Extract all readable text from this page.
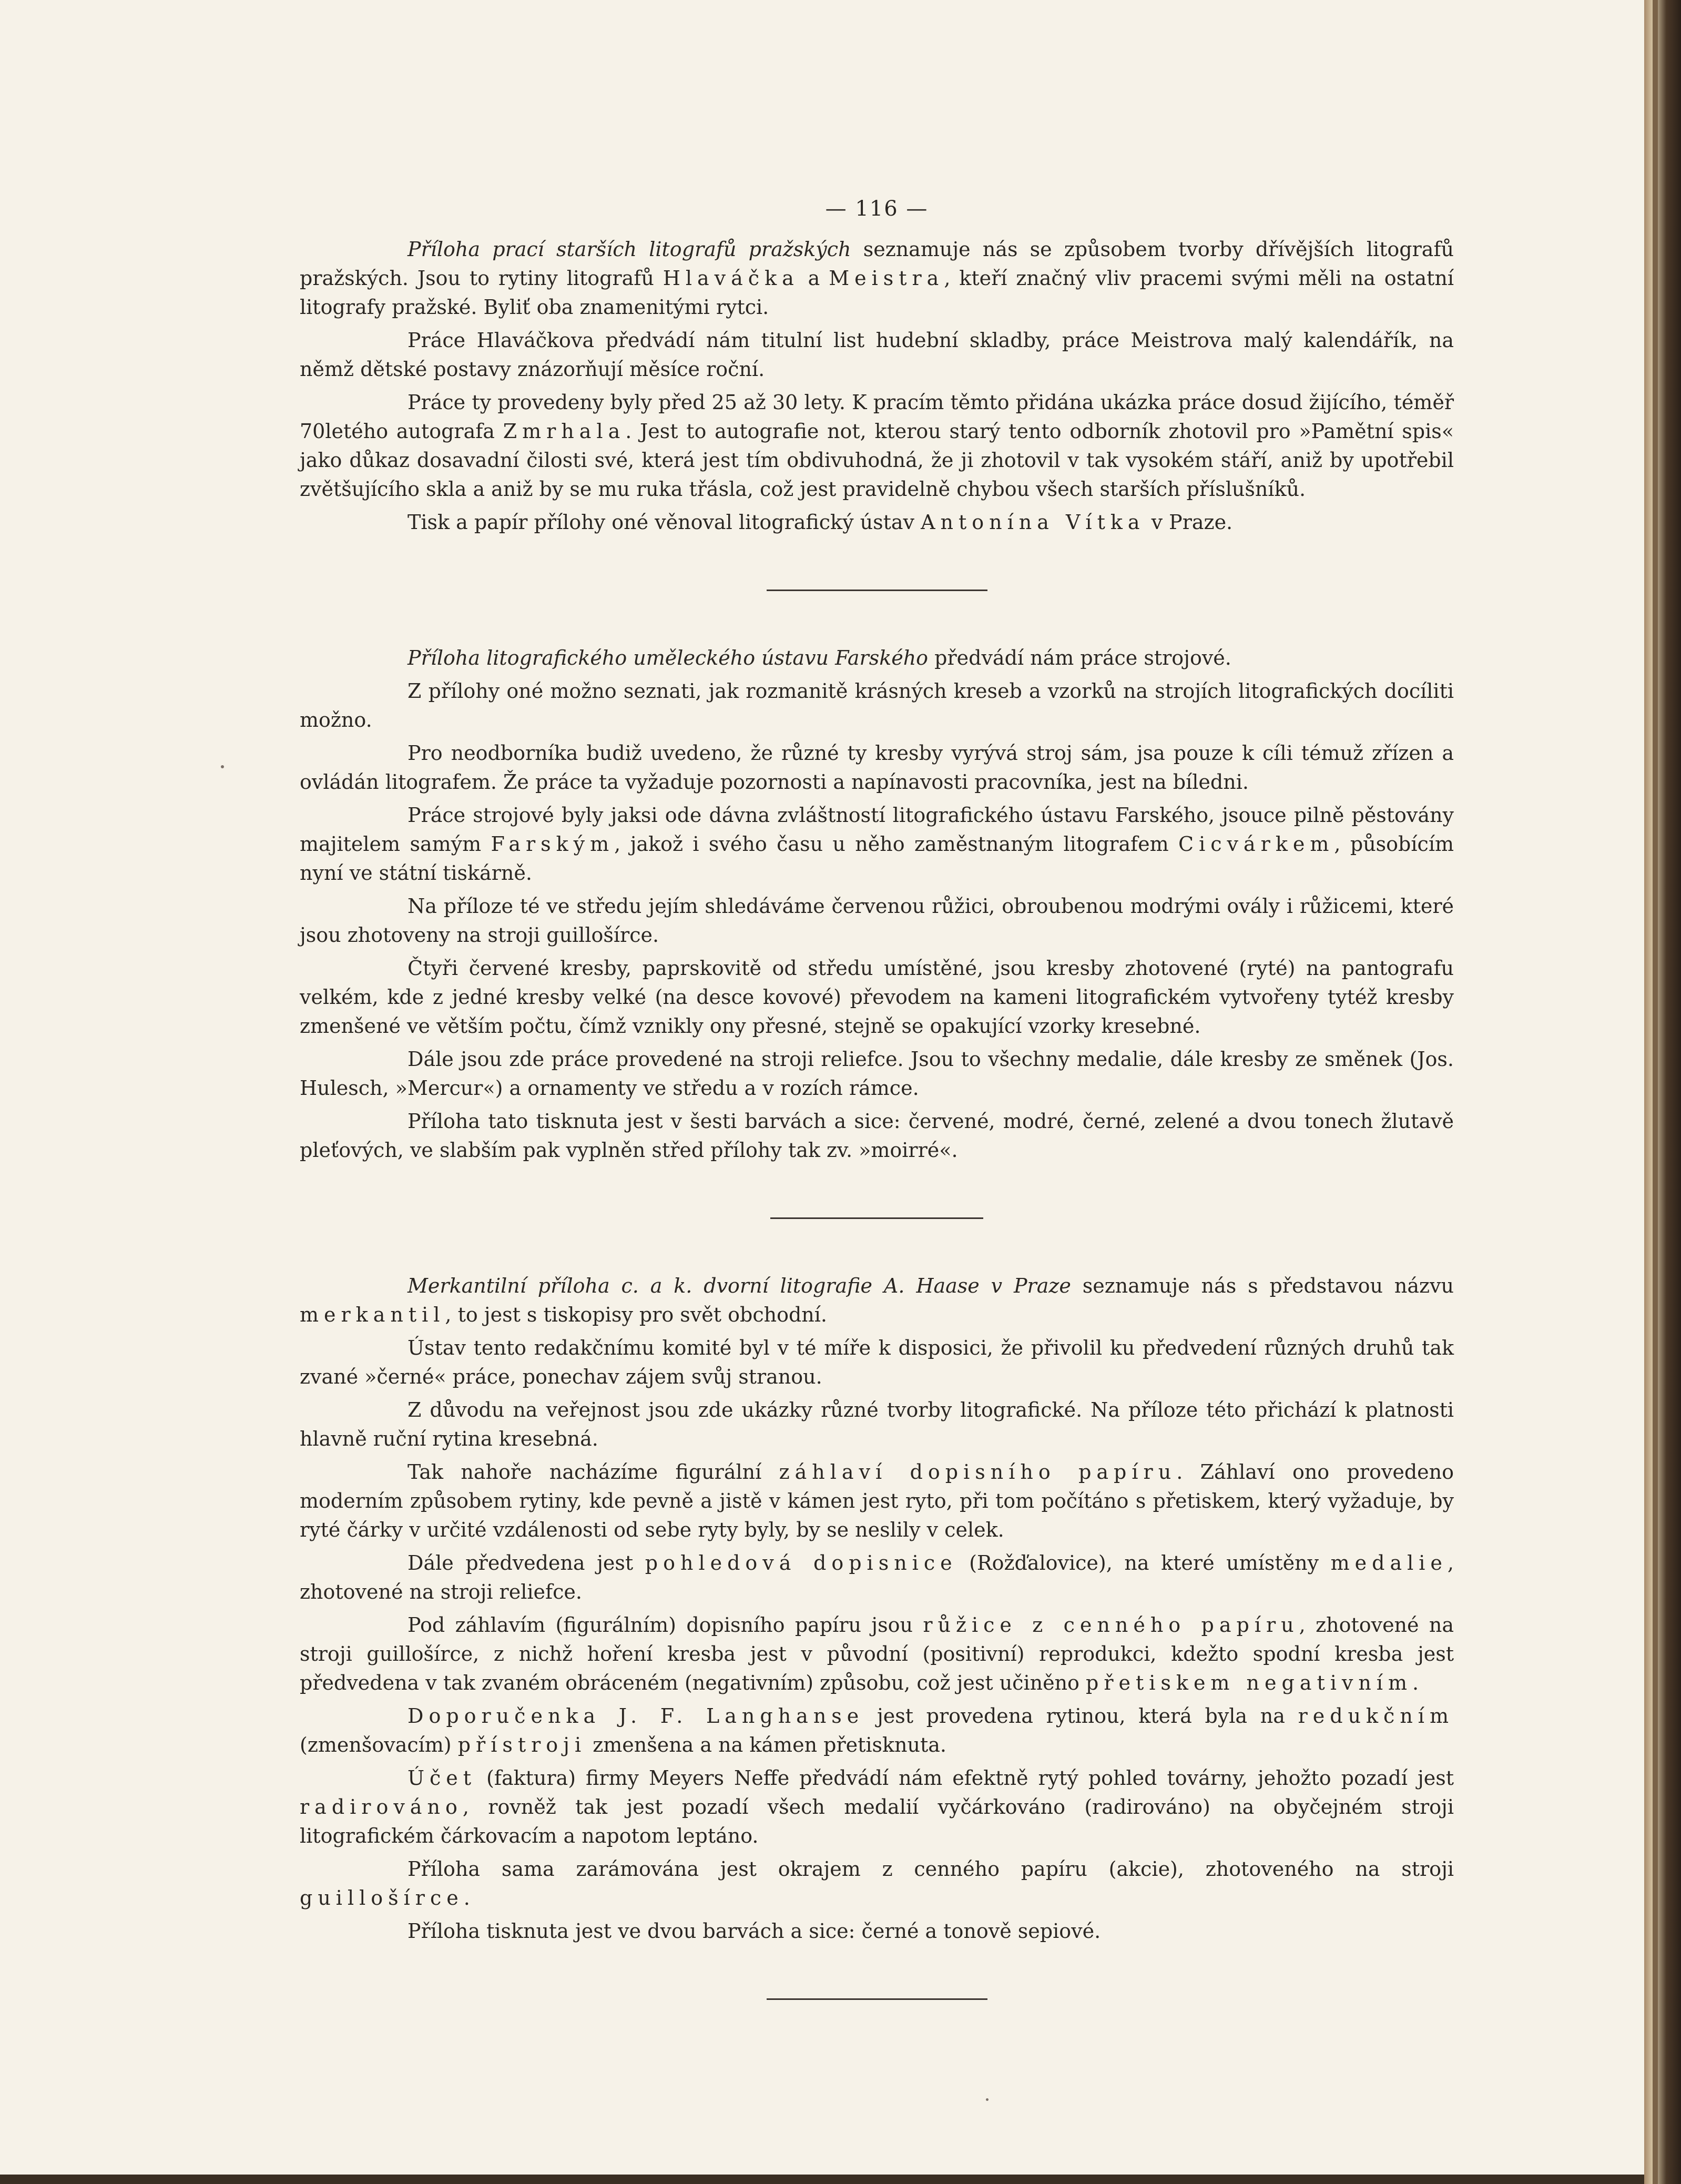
— 116 —

Příloha prací starších litografů pražských seznamuje nás se způsobem tvorby dřívějších litografů pražských. Jsou to rytiny litografů Hlaváčka a Meistra, kteří značný vliv pracemi svými měli na ostatní litografy pražské. Byliť oba znamenitými rytci.

Práce Hlaváčkova předvádí nám titulní list hudební skladby, práce Meistrova malý kalendářík, na němž dětské postavy znázorňují měsíce roční.

Práce ty provedeny byly před 25 až 30 lety. K pracím těmto přidána ukázka práce dosud žijícího, téměř 70letého autografa Zmrhala. Jest to autografie not, kterou starý tento odborník zhotovil pro »Pamětní spis« jako důkaz dosavadní čilosti své, která jest tím obdivuhodná, že ji zhotovil v tak vysokém stáří, aniž by upotřebil zvětšujícího skla a aniž by se mu ruka třásla, což jest pravidelně chybou všech starších příslušníků.

Tisk a papír přílohy oné věnoval litografický ústav Antonína Vítka v Praze.

Příloha litografického uměleckého ústavu Farského předvádí nám práce strojové.

Z přílohy oné možno seznati, jak rozmanitě krásných kreseb a vzorků na strojích litografických docíliti možno.

Pro neodborníka budiž uvedeno, že různé ty kresby vyrývá stroj sám, jsa pouze k cíli témuž zřízen a ovládán litografem. Že práce ta vyžaduje pozornosti a napínavosti pracovníka, jest na bíledni.

Práce strojové byly jaksi ode dávna zvláštností litografického ústavu Farského, jsouce pilně pěstovány majitelem samým Farským, jakož i svého času u něho zaměstnaným litografem Cicvárkem, působícím nyní ve státní tiskárně.

Na příloze té ve středu jejím shledáváme červenou růžici, obroubenou modrými ovály i růžicemi, které jsou zhotoveny na stroji guillošírce.

Čtyři červené kresby, paprskovitě od středu umístěné, jsou kresby zhotovené (ryté) na pantografu velkém, kde z jedné kresby velké (na desce kovové) převodem na kameni litografickém vytvořeny tytéž kresby zmenšené ve větším počtu, čímž vznikly ony přesné, stejně se opakující vzorky kresebné.

Dále jsou zde práce provedené na stroji reliefce. Jsou to všechny medalie, dále kresby ze směnek (Jos. Hulesch, »Mercur«) a ornamenty ve středu a v rozích rámce.

Příloha tato tisknuta jest v šesti barvách a sice: červené, modré, černé, zelené a dvou tonech žlutavě pleťových, ve slabším pak vyplněn střed přílohy tak zv. »moirré«.

Merkantilní příloha c. a k. dvorní litografie A. Haase v Praze seznamuje nás s představou názvu merkantil, to jest s tiskopisy pro svět obchodní.

Ústav tento redakčnímu komité byl v té míře k disposici, že přivolil ku předvedení různých druhů tak zvané »černé« práce, ponechav zájem svůj stranou.

Z důvodu na veřejnost jsou zde ukázky různé tvorby litografické. Na příloze této přichází k platnosti hlavně ruční rytina kresebná.

Tak nahoře nacházíme figurální záhlaví dopisního papíru. Záhlaví ono provedeno moderním způsobem rytiny, kde pevně a jistě v kámen jest ryto, při tom počítáno s přetiskem, který vyžaduje, by ryté čárky v určité vzdálenosti od sebe ryty byly, by se neslily v celek.

Dále předvedena jest pohledová dopisnice (Rožďalovice), na které umístěny medalie, zhotovené na stroji reliefce.

Pod záhlavím (figurálním) dopisního papíru jsou růžice z cenného papíru, zhotovené na stroji guillošírce, z nichž hoření kresba jest v původní (positivní) reprodukci, kdežto spodní kresba jest předvedena v tak zvaném obráceném (negativním) způsobu, což jest učiněno přetiskem negativním.

Doporučenka J. F. Langhanse jest provedena rytinou, která byla na redukčním (zmenšovacím) přístroji zmenšena a na kámen přetisknuta.

Účet (faktura) firmy Meyers Neffe předvádí nám efektně rytý pohled továrny, jehožto pozadí jest radirováno, rovněž tak jest pozadí všech medalií vyčárkováno (radirováno) na obyčejném stroji litografickém čárkovacím a napotom leptáno.

Příloha sama zarámována jest okrajem z cenného papíru (akcie), zhotoveného na stroji guillošírce.

Příloha tisknuta jest ve dvou barvách a sice: černé a tonově sepiové.
